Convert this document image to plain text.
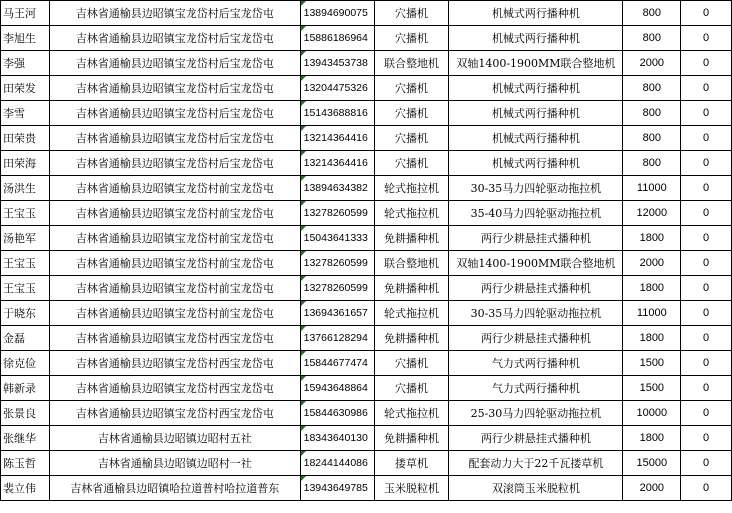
马王河	吉林省通榆县边昭镇宝龙岱村后宝龙岱屯	13894690075	穴播机	机械式两行播种机	800	0
李旭生	吉林省通榆县边昭镇宝龙岱村后宝龙岱屯	15886186964	穴播机	机械式两行播种机	800	0
李强	吉林省通榆县边昭镇宝龙岱村后宝龙岱屯	13943453738	联合整地机	双轴1400-1900MM联合整地机	2000	0
田荣发	吉林省通榆县边昭镇宝龙岱村后宝龙岱屯	13204475326	穴播机	机械式两行播种机	800	0
李雪	吉林省通榆县边昭镇宝龙岱村后宝龙岱屯	15143688816	穴播机	机械式两行播种机	800	0
田荣贵	吉林省通榆县边昭镇宝龙岱村后宝龙岱屯	13214364416	穴播机	机械式两行播种机	800	0
田荣海	吉林省通榆县边昭镇宝龙岱村后宝龙岱屯	13214364416	穴播机	机械式两行播种机	800	0
汤洪生	吉林省通榆县边昭镇宝龙岱村前宝龙岱屯	13894634382	轮式拖拉机	30-35马力四轮驱动拖拉机	11000	0
王宝玉	吉林省通榆县边昭镇宝龙岱村前宝龙岱屯	13278260599	轮式拖拉机	35-40马力四轮驱动拖拉机	12000	0
汤艳军	吉林省通榆县边昭镇宝龙岱村前宝龙岱屯	15043641333	免耕播种机	两行少耕悬挂式播种机	1800	0
王宝玉	吉林省通榆县边昭镇宝龙岱村前宝龙岱屯	13278260599	联合整地机	双轴1400-1900MM联合整地机	2000	0
王宝玉	吉林省通榆县边昭镇宝龙岱村前宝龙岱屯	13278260599	免耕播种机	两行少耕悬挂式播种机	1800	0
于晓东	吉林省通榆县边昭镇宝龙岱村前宝龙岱屯	13694361657	轮式拖拉机	30-35马力四轮驱动拖拉机	11000	0
金磊	吉林省通榆县边昭镇宝龙岱村西宝龙岱屯	13766128294	免耕播种机	两行少耕悬挂式播种机	1800	0
徐克俭	吉林省通榆县边昭镇宝龙岱村西宝龙岱屯	15844677474	穴播机	气力式两行播种机	1500	0
韩新录	吉林省通榆县边昭镇宝龙岱村西宝龙岱屯	15943648864	穴播机	气力式两行播种机	1500	0
张景良	吉林省通榆县边昭镇宝龙岱村西宝龙岱屯	15844630986	轮式拖拉机	25-30马力四轮驱动拖拉机	10000	0
张继华	吉林省通榆县边昭镇边昭村五社	18343640130	免耕播种机	两行少耕悬挂式播种机	1800	0
陈玉哲	吉林省通榆县边昭镇边昭村一社	18244144086	搂草机	配套动力大于22千瓦搂草机	15000	0
裴立伟	吉林省通榆县边昭镇哈拉道普村哈拉道普东	13943649785	玉米脱粒机	双滚筒玉米脱粒机	2000	0
